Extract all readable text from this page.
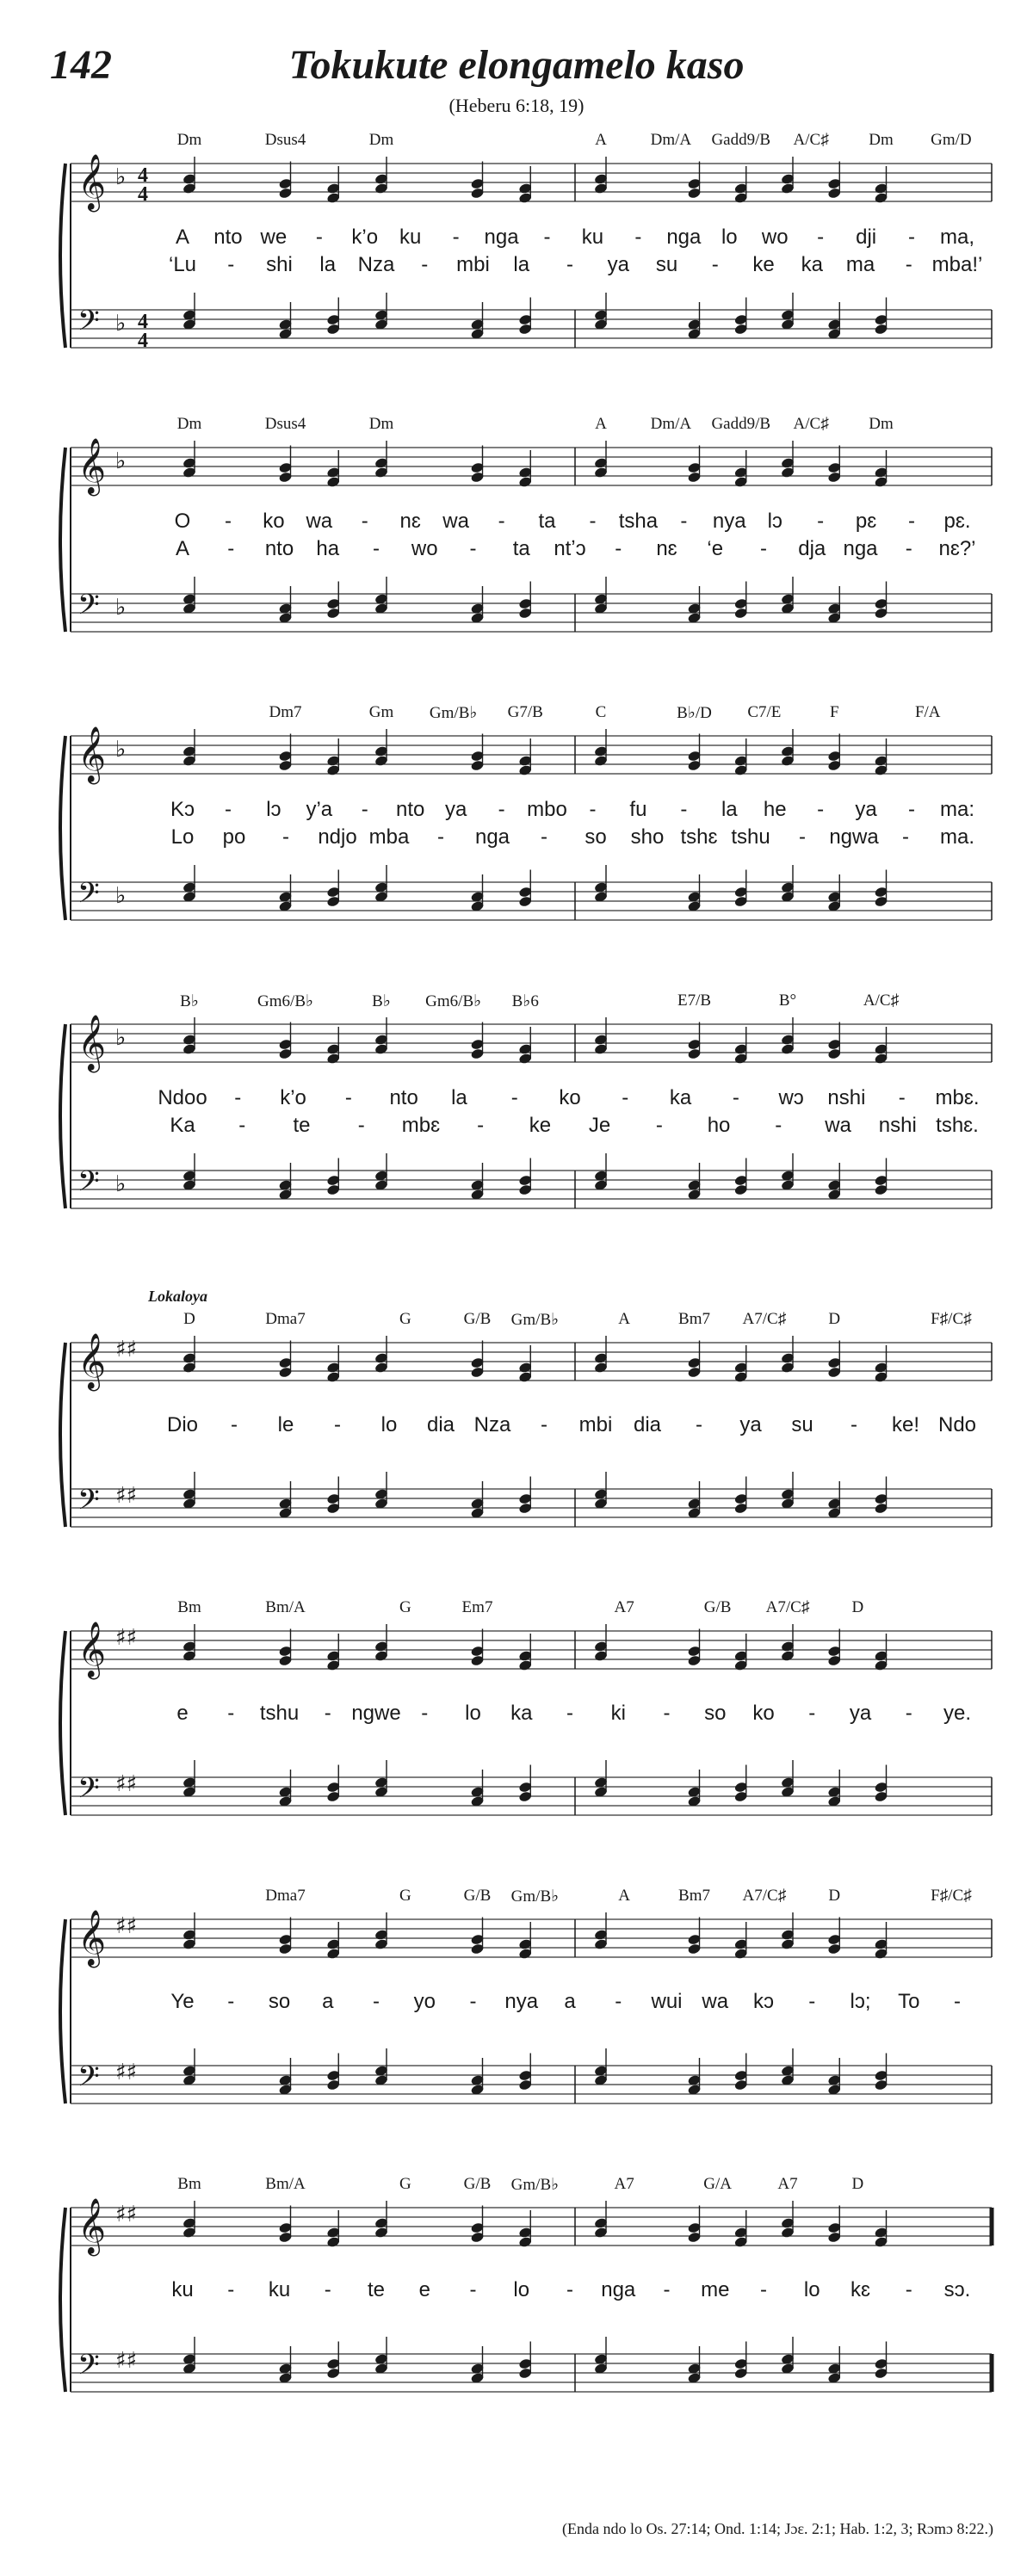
142	Tokukute elongamelo kaso
(Heberu 6:18, 19)
𝄞 ♭ 4
4
𝄢 ♭ 4
4
Dm	Dsus4	Dm	A	Dm/A Gadd9/B A/C♯ Dm Gm/D
A nto we - k’o ku - nga - ku - nga lo wo - dji - ma,
‘Lu - shi la Nza - mbi la - ya su - ke ka ma - mba!’
𝄞 ♭
𝄢 ♭
Dm	Dsus4	Dm	A	Dm/A Gadd9/B A/C♯ Dm
O - ko wa - nɛ wa - ta - tsha - nya lɔ - pɛ - pɛ.
A - nto ha - wo - ta ntʼɔ - nɛ ‘e - dja nga - nɛ?’
𝄞 ♭
𝄢 ♭
Dm7	Gm Gm/B♭ G7/B	C	B♭/D C7/E	F	F/A
Kɔ - lɔ y’a - nto ya - mbo - fu - la he - ya - ma:
Lo po - ndjo mba - nga - so sho tshɛ tshu - ngwa - ma.
𝄞 ♭
𝄢 ♭
B♭	Gm6/B♭	B♭ Gm6/B♭ B♭6	E7/B	B°	A/C♯
Ndoo - k’o - nto la - ko - ka - wɔ nshi - mbɛ.
Ka - te - mbɛ - ke Je - ho - wa nshi tshɛ.
𝄞 ♯♯
𝄢 ♯♯
Lokaloya
D	Dma7	G	G/B Gm/B♭	A	Bm7 A7/C♯	D	F♯/C♯
Dio - le - lo dia Nza - mbi dia - ya su - ke! Ndo
𝄞 ♯♯
𝄢 ♯♯
Bm	Bm/A	G	Em7	A7	G/B A7/C♯	D
e - tshu - ngwe - lo ka - ki - so ko - ya - ye.
𝄞 ♯♯
𝄢 ♯♯
Dma7	G	G/B Gm/B♭	A	Bm7 A7/C♯	D	F♯/C♯
Ye - so a - yo - nya a - wui wa kɔ - lɔ; To -
𝄞 ♯♯
𝄢 ♯♯
Bm	Bm/A	G	G/B Gm/B♭	A7	G/A	A7	D
ku - ku - te e - lo - nga - me - lo kɛ - sɔ.
(Enda ndo lo Os. 27:14; Ond. 1:14; Jɔɛ. 2:1; Hab. 1:2, 3; Rɔmɔ 8:22.)
